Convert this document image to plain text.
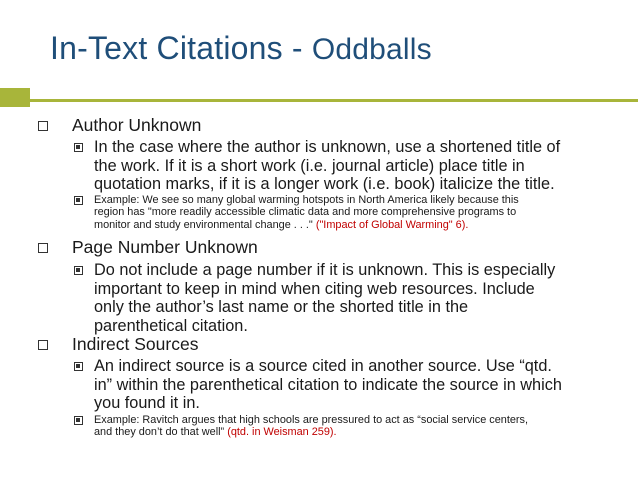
In-Text Citations - Oddballs
Author Unknown
In the case where the author is unknown, use a shortened title of
the work. If it is a short work (i.e. journal article) place title in
quotation marks, if it is a longer work (i.e. book) italicize the title.
Example: We see so many global warming hotspots in North America likely because this
region has "more readily accessible climatic data and more comprehensive programs to
monitor and study environmental change . . ." ("Impact of Global Warming" 6).
Page Number Unknown
Do not include a page number if it is unknown. This is especially
important to keep in mind when citing web resources. Include
only the author’s last name or the shorted title in the
parenthetical citation.
Indirect Sources
An indirect source is a source cited in another source. Use “qtd.
in” within the parenthetical citation to indicate the source in which
you found it in.
Example: Ravitch argues that high schools are pressured to act as “social service centers,
and they don’t do that well” (qtd. in Weisman 259).
